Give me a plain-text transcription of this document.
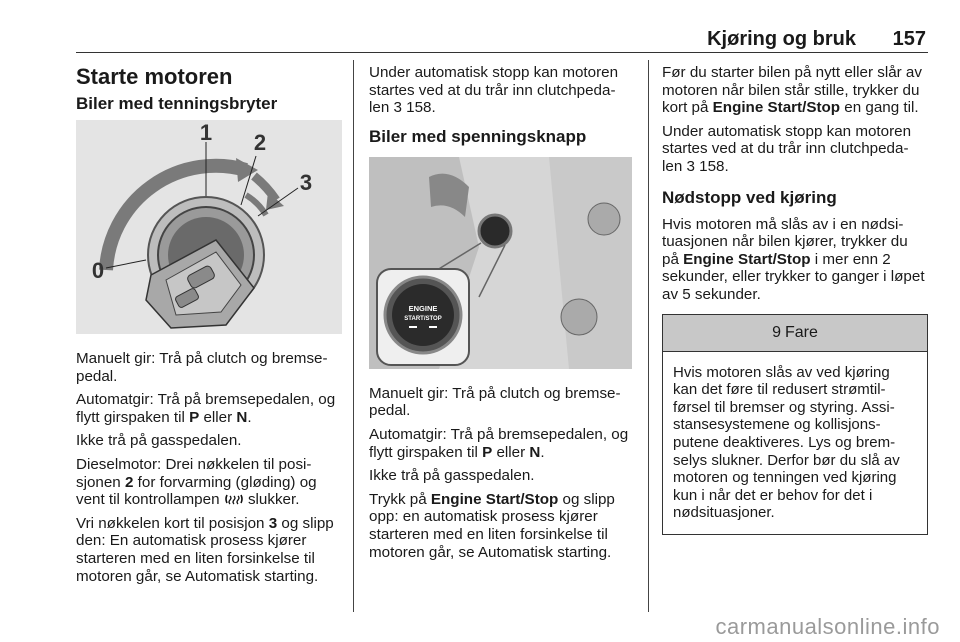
Kjøring og bruk 157
Starte motoren
Biler med tenningsbryter
1 2
3
0

Manuelt gir: Trå på clutch og bremse-pedal.

Automatgir: Trå på bremsepedalen, og flytt girspaken til P eller N.

Ikke trå på gasspedalen.

Dieselmotor: Drei nøkkelen til posi-sjonen 2 for forvarming (gløding) og vent til kontrollampen  slukker.

Vri nøkkelen kort til posisjon 3 og slipp den: En automatisk prosess kjører starteren med en liten forsinkelse til motoren går, se Automatisk starting.

Under automatisk stopp kan motoren startes ved at du trår inn clutchpeda-len 3 158.

Biler med spenningsknapp
ENGINE
START/STOP

Manuelt gir: Trå på clutch og bremse-pedal.

Automatgir: Trå på bremsepedalen, og flytt girspaken til P eller N.

Ikke trå på gasspedalen.

Trykk på Engine Start/Stop og slipp opp: en automatisk prosess kjører starteren med en liten forsinkelse til motoren går, se Automatisk starting.

Før du starter bilen på nytt eller slår av motoren når bilen står stille, trykker du kort på Engine Start/Stop en gang til.

Under automatisk stopp kan motoren startes ved at du trår inn clutchpeda-len 3 158.

Nødstopp ved kjøring

Hvis motoren må slås av i en nødsi-tuasjonen når bilen kjører, trykker du på Engine Start/Stop i mer enn 2 sekunder, eller trykker to ganger i løpet av 5 sekunder.

9 Fare
Hvis motoren slås av ved kjøring kan det føre til redusert strømtil-førsel til bremser og styring. Assi-stansesystemene og kollisjons-putene deaktiveres. Lys og brem-selys slukner. Derfor bør du slå av motoren og tenningen ved kjøring kun i når det er behov for det i nødsituasjoner.
carmanualsonline.info
